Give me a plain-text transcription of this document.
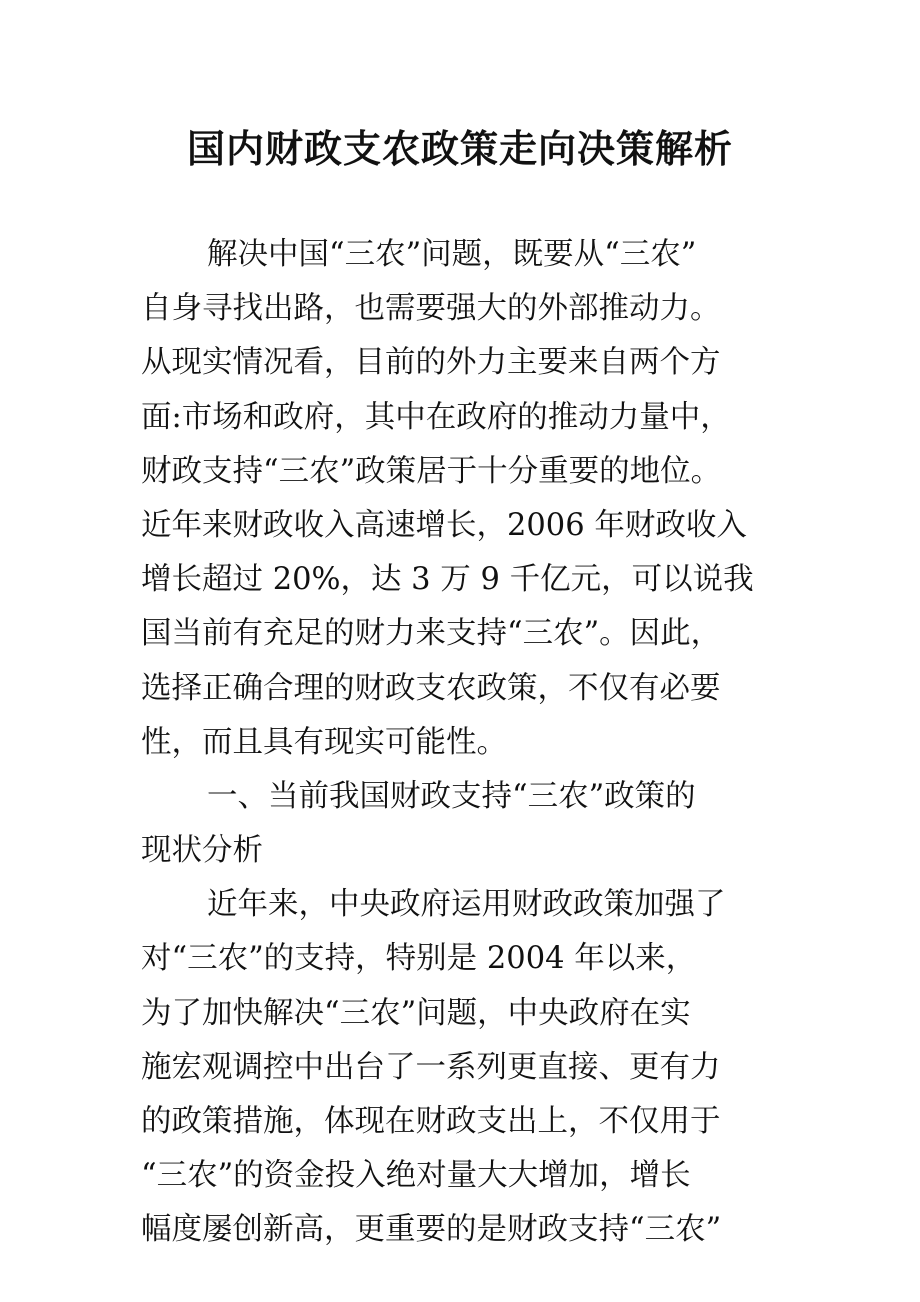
国内财政支农政策走向决策解析
解决中国“三农”问题，既要从“三农”
自身寻找出路，也需要强大的外部推动力。
从现实情况看，目前的外力主要来自两个方
面:市场和政府，其中在政府的推动力量中，
财政支持“三农”政策居于十分重要的地位。
近年来财政收入高速增长，2006 年财政收入
增长超过 20%，达 3 万 9 千亿元，可以说我
国当前有充足的财力来支持“三农”。因此，
选择正确合理的财政支农政策，不仅有必要
性，而且具有现实可能性。
一、当前我国财政支持“三农”政策的
现状分析
近年来，中央政府运用财政政策加强了
对“三农”的支持，特别是 2004 年以来，
为了加快解决“三农”问题，中央政府在实
施宏观调控中出台了一系列更直接、更有力
的政策措施，体现在财政支出上，不仅用于
“三农”的资金投入绝对量大大增加，增长
幅度屡创新高，更重要的是财政支持“三农”
